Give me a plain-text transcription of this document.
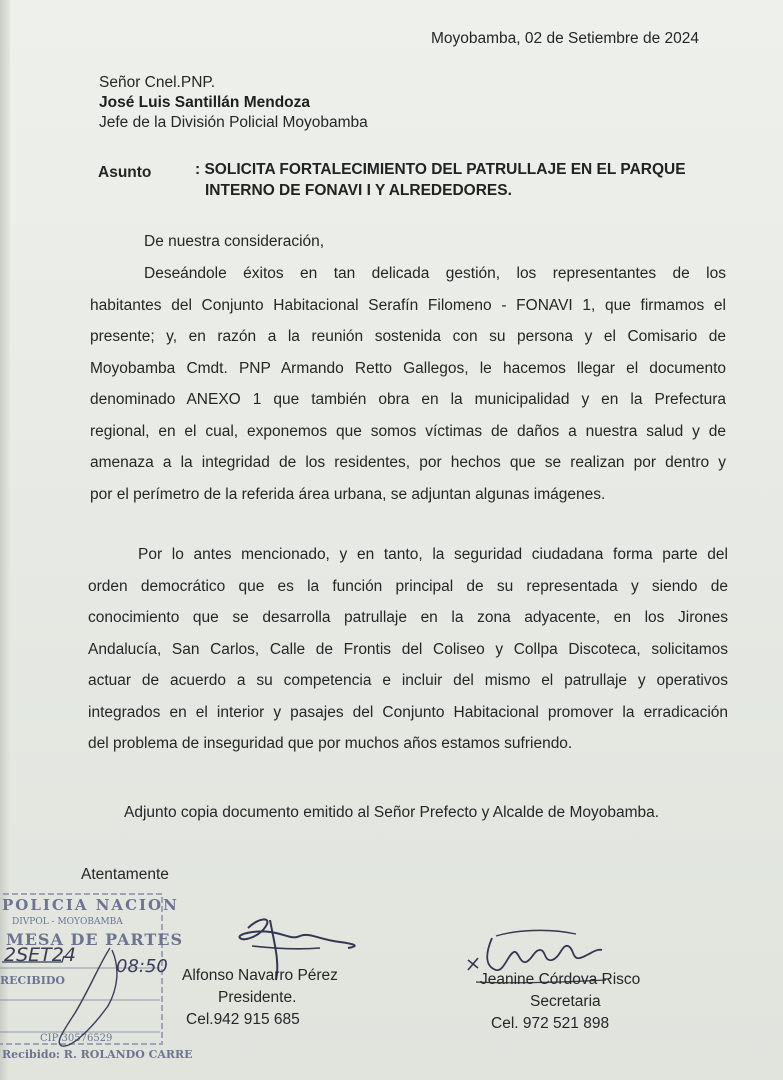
Moyobamba, 02 de Setiembre de 2024
Señor Cnel.PNP.
José Luis Santillán Mendoza
Jefe de la División Policial Moyobamba
Asunto	: SOLICITA FORTALECIMIENTO DEL PATRULLAJE EN EL PARQUE
INTERNO DE FONAVI I Y ALREDEDORES.
De nuestra consideración,
Deseándole éxitos en tan delicada gestión, los representantes de los
habitantes del Conjunto Habitacional Serafín Filomeno - FONAVI 1, que firmamos el
presente; y, en razón a la reunión sostenida con su persona y el Comisario de
Moyobamba Cmdt. PNP Armando Retto Gallegos, le hacemos llegar el documento
denominado ANEXO 1 que también obra en la municipalidad y en la Prefectura
regional, en el cual, exponemos que somos víctimas de daños a nuestra salud y de
amenaza a la integridad de los residentes, por hechos que se realizan por dentro y
por el perímetro de la referida área urbana, se adjuntan algunas imágenes.
Por lo antes mencionado, y en tanto, la seguridad ciudadana forma parte del
orden democrático que es la función principal de su representada y siendo de
conocimiento que se desarrolla patrullaje en la zona adyacente, en los Jirones
Andalucía, San Carlos, Calle de Frontis del Coliseo y Collpa Discoteca, solicitamos
actuar de acuerdo a su competencia e incluir del mismo el patrullaje y operativos
integrados en el interior y pasajes del Conjunto Habitacional promover la erradicación
del problema de inseguridad que por muchos años estamos sufriendo.
Adjunto copia documento emitido al Señor Prefecto y Alcalde de Moyobamba.
Atentamente
POLICIA NACION
DIVPOL - MOYOBAMBA
MESA DE PARTES
RECIBIDO
CIP 30576529
Recibido: R. ROLANDO CARRE
2SET24
08:50 Alfonso Navarro Pérez
Presidente.
Cel.942 915 685
Jeanine Córdova Risco
Secretaria
Cel. 972 521 898
